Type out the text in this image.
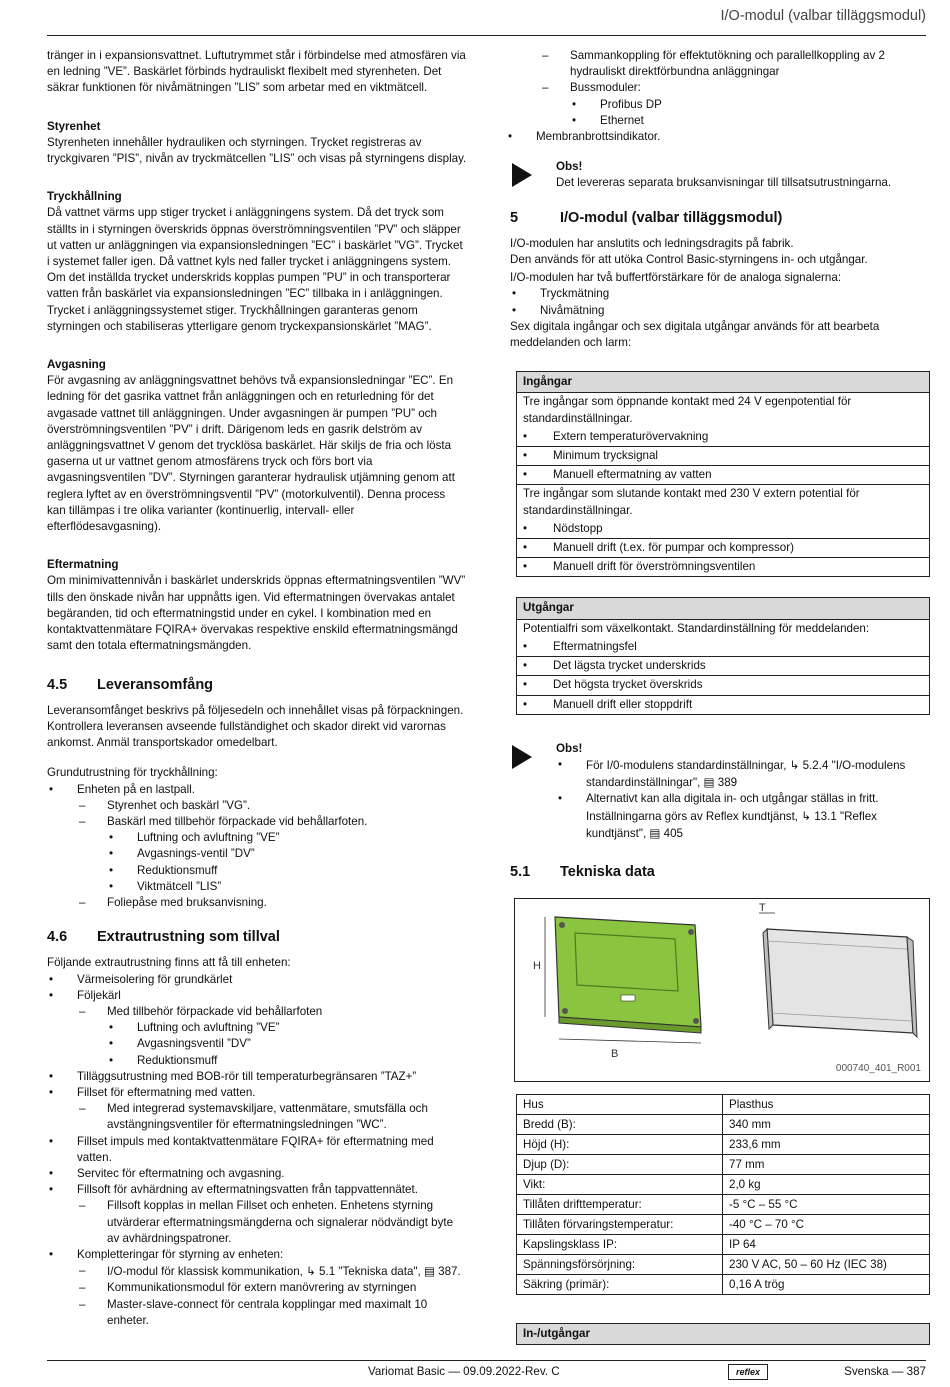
I/O-modul (valbar tilläggsmodul)

tränger in i expansionsvattnet. Luftutrymmet står i förbindelse med atmosfären via en ledning ”VE”. Baskärlet förbinds hydrauliskt flexibelt med styrenheten. Det säkrar funktionen för nivåmätningen ”LIS” som arbetar med en viktmätcell.

Styrenhet

Styrenheten innehåller hydrauliken och styrningen. Trycket registreras av tryckgivaren ”PIS”, nivån av tryckmätcellen ”LIS” och visas på styrningens display.

Tryckhållning

Då vattnet värms upp stiger trycket i anläggningens system. Då det tryck som ställts in i styrningen överskrids öppnas överströmningsventilen ”PV” och släpper ut vatten ur anläggningen via expansionsledningen ”EC” i baskärlet ”VG”. Trycket i systemet faller igen. Då vattnet kyls ned faller trycket i anläggningens system. Om det inställda trycket underskrids kopplas pumpen ”PU” in och transporterar vatten från baskärlet via expansionsledningen ”EC” tillbaka in i anläggningen. Trycket i anläggningssystemet stiger. Tryckhållningen garanteras genom styrningen och stabiliseras ytterligare genom tryckexpansionskärlet ”MAG”.

Avgasning

För avgasning av anläggningsvattnet behövs två expansionsledningar ”EC”. En ledning för det gasrika vattnet från anläggningen och en returledning för det avgasade vattnet till anläggningen. Under avgasningen är pumpen ”PU” och överströmningsventilen ”PV” i drift. Därigenom leds en gasrik delström av anläggningsvattnet V genom det trycklösa baskärlet. Här skiljs de fria och lösta gaserna ut ur vattnet genom atmosfärens tryck och förs bort via avgasningsventilen ”DV”. Styrningen garanterar hydraulisk utjämning genom att reglera lyftet av en överströmningsventil ”PV” (motorkulventil). Denna process kan tillämpas i tre olika varianter (kontinuerlig, intervall- eller efterflödesavgasning).

Eftermatning

Om minimivattennivån i baskärlet underskrids öppnas eftermatningsventilen ”WV” tills den önskade nivån har uppnåtts igen. Vid eftermatningen övervakas antalet begäranden, tid och eftermatningstid under en cykel. I kombination med en kontaktvattenmätare FQIRA+ övervakas respektive enskild eftermatningsmängd samt den totala eftermatningsmängden.

4.5 Leveransomfång

Leveransomfånget beskrivs på följesedeln och innehållet visas på förpackningen. Kontrollera leveransen avseende fullständighet och skador direkt vid varornas ankomst. Anmäl transportskador omedelbart.

Grundutrustning för tryckhållning:

• Enheten på en lastpall.
– Styrenhet och baskärl ”VG”.
– Baskärl med tillbehör förpackade vid behållarfoten.
• Luftning och avluftning ”VE”
• Avgasnings-ventil ”DV”
• Reduktionsmuff
• Viktmätcell ”LIS”
– Foliepåse med bruksanvisning.
4.6 Extrautrustning som tillval

Följande extrautrustning finns att få till enheten:

• Värmeisolering för grundkärlet
• Följekärl
– Med tillbehör förpackade vid behållarfoten
• Luftning och avluftning ”VE”
• Avgasningsventil ”DV”
• Reduktionsmuff
• Tilläggsutrustning med BOB-rör till temperaturbegränsaren ”TAZ+”
• Fillset för eftermatning med vatten.
– Med integrerad systemavskiljare, vattenmätare, smutsfälla och avstängningsventiler för eftermatningsledningen ”WC”.
• Fillset impuls med kontaktvattenmätare FQIRA+ för eftermatning med vatten.
• Servitec för eftermatning och avgasning.
• Fillsoft för avhärdning av eftermatningsvatten från tappvattennätet.
– Fillsoft kopplas in mellan Fillset och enheten. Enhetens styrning utvärderar eftermatningsmängderna och signalerar nödvändigt byte av avhärdningspatroner.
• Kompletteringar för styrning av enheten:
– I/O-modul för klassisk kommunikation, ↳ 5.1 "Tekniska data", ▤ 387.
– Kommunikationsmodul för extern manövrering av styrningen
– Master-slave-connect för centrala kopplingar med maximalt 10 enheter.
– Sammankoppling för effektutökning och parallellkoppling av 2 hydrauliskt direktförbundna anläggningar
– Bussmoduler:
• Profibus DP
• Ethernet
• Membranbrottsindikator.

Obs!

Det levereras separata bruksanvisningar till tillsatsutrustningarna.

5	I/O-modul (valbar tilläggsmodul)

I/O-modulen har anslutits och ledningsdragits på fabrik.

Den används för att utöka Control Basic-styrningens in- och utgångar.

I/O-modulen har två buffertförstärkare för de analoga signalerna:

• Tryckmätning
• Nivåmätning

Sex digitala ingångar och sex digitala utgångar används för att bearbeta meddelanden och larm:

Ingångar
Tre ingångar som öppnande kontakt med 24 V egenpotential för standardinställningar.
• Extern temperaturövervakning
• Minimum trycksignal
• Manuell eftermatning av vatten
Tre ingångar som slutande kontakt med 230 V extern potential för standardinställningar.
• Nödstopp
• Manuell drift (t.ex. för pumpar och kompressor)
• Manuell drift för överströmningsventilen
Utgångar
Potentialfri som växelkontakt. Standardinställning för meddelanden:
• Eftermatningsfel
• Det lägsta trycket underskrids
• Det högsta trycket överskrids
• Manuell drift eller stoppdrift

Obs!

• För I/0-modulens standardinställningar, ↳ 5.2.4 "I/O-modulens standardinställningar", ▤ 389
• Alternativt kan alla digitala in- och utgångar ställas in fritt. Inställningarna görs av Reflex kundtjänst, ↳ 13.1 "Reflex kundtjänst", ▤ 405
5.1 Tekniska data
H
B
T
000740_401_R001
Hus	Plasthus
Bredd (B):	340 mm
Höjd (H):	233,6 mm
Djup (D):	77 mm
Vikt:	2,0 kg
Tillåten drifttemperatur:	-5 °C – 55 °C
Tillåten förvaringstemperatur:	-40 °C – 70 °C
Kapslingsklass IP:	IP 64
Spänningsförsörjning:	230 V AC, 50 – 60 Hz (IEC 38)
Säkring (primär):	0,16 A trög
In-/utgångar
Variomat Basic — 09.09.2022-Rev. C	reflex	Svenska — 387
